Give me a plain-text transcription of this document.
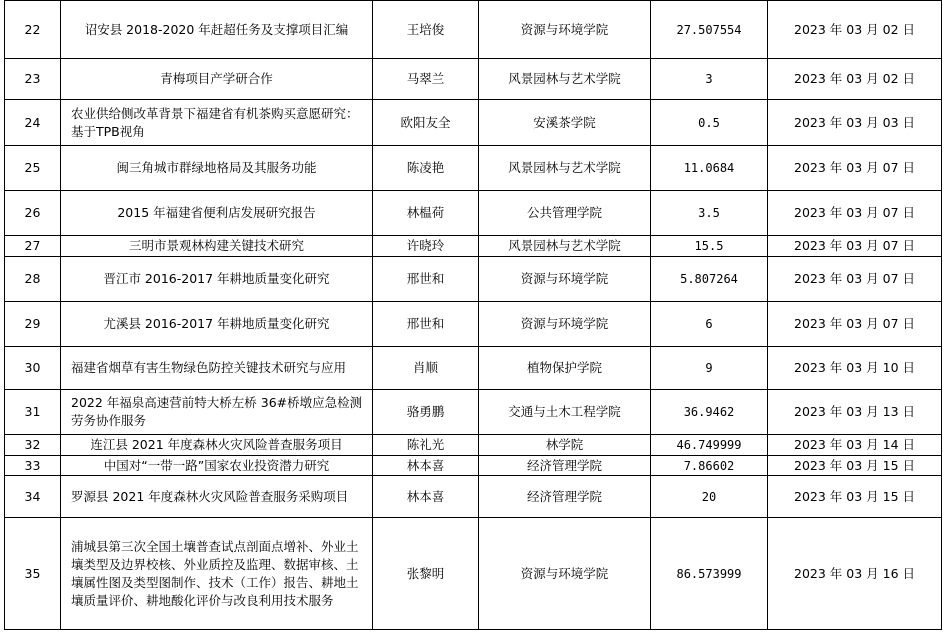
22	诏安县 2018-2020 年赶超任务及支撑项目汇编	王培俊	资源与环境学院	27.507554	2023 年 03 月 02 日
23	青梅项目产学研合作	马翠兰	风景园林与艺术学院	3	2023 年 03 月 02 日
24	农业供给侧改革背景下福建省有机茶购买意愿研究：基于TPB视角	欧阳友全	安溪茶学院	0.5	2023 年 03 月 03 日
25	闽三角城市群绿地格局及其服务功能	陈凌艳	风景园林与艺术学院	11.0684	2023 年 03 月 07 日
26	2015 年福建省便利店发展研究报告	林榅荷	公共管理学院	3.5	2023 年 03 月 07 日
27	三明市景观林构建关键技术研究	许晓玲	风景园林与艺术学院	15.5	2023 年 03 月 07 日
28	晋江市 2016-2017 年耕地质量变化研究	邢世和	资源与环境学院	5.807264	2023 年 03 月 07 日
29	尤溪县 2016-2017 年耕地质量变化研究	邢世和	资源与环境学院	6	2023 年 03 月 07 日
30	福建省烟草有害生物绿色防控关键技术研究与应用	肖顺	植物保护学院	9	2023 年 03 月 10 日
31	2022 年福泉高速营前特大桥左桥 36#桥墩应急检测劳务协作服务	骆勇鹏	交通与土木工程学院	36.9462	2023 年 03 月 13 日
32	连江县 2021 年度森林火灾风险普查服务项目	陈礼光	林学院	46.749999	2023 年 03 月 14 日
33	中国对“一带一路”国家农业投资潜力研究	林本喜	经济管理学院	7.86602	2023 年 03 月 15 日
34	罗源县 2021 年度森林火灾风险普查服务采购项目	林本喜	经济管理学院	20	2023 年 03 月 15 日
35	浦城县第三次全国土壤普查试点剖面点增补、外业土壤类型及边界校核、外业质控及监理、数据审核、土壤属性图及类型图制作、技术（工作）报告、耕地土壤质量评价、耕地酸化评价与改良利用技术服务	张黎明	资源与环境学院	86.573999	2023 年 03 月 16 日
